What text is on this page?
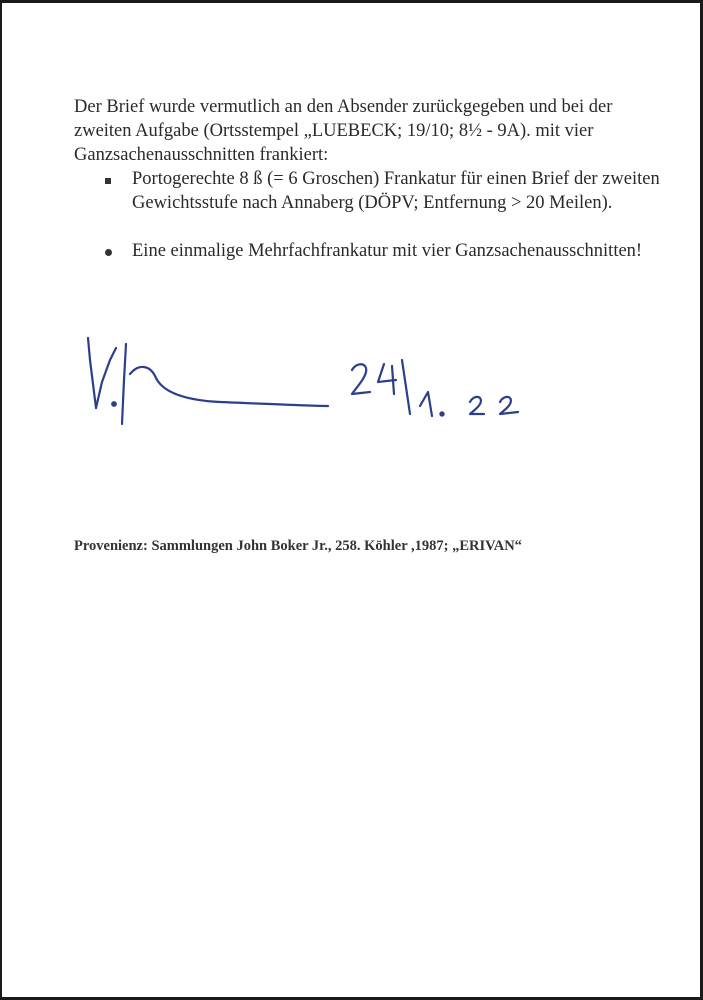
Der Brief wurde vermutlich an den Absender zurückgegeben und bei der zweiten Aufgabe (Ortsstempel „LUEBECK; 19/10; 8½ - 9A). mit vier Ganzsachenausschnitten frankiert:

Portogerechte 8 ß (= 6 Groschen) Frankatur für einen Brief der zweiten Gewichtsstufe nach Annaberg (DÖPV; Entfernung > 20 Meilen).
Eine einmalige Mehrfachfrankatur mit vier Ganzsachenausschnitten!
Provenienz: Sammlungen John Boker Jr., 258. Köhler ,1987; „ERIVAN“
